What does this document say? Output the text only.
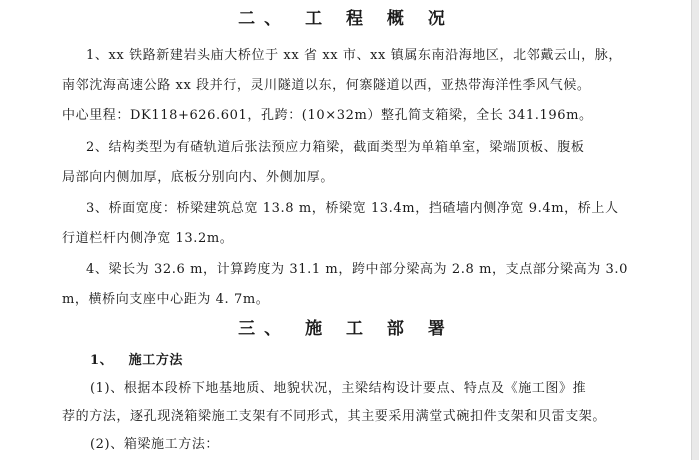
二、 工 程 概 况
1、xx 铁路新建岩头庙大桥位于 xx 省 xx 市、xx 镇属东南沿海地区，北邻戴云山，脉，
南邻沈海高速公路 xx 段并行，灵川隧道以东，何寨隧道以西，亚热带海洋性季风气候。
中心里程：DK118+626.601，孔跨：(10×32m）整孔简支箱梁，全长 341.196m。
2、结构类型为有碴轨道后张法预应力箱梁，截面类型为单箱单室，梁端顶板、腹板
局部向内侧加厚，底板分别向内、外侧加厚。
3、桥面宽度：桥梁建筑总宽 13.8 m，桥梁宽 13.4m，挡碴墙内侧净宽 9.4m，桥上人
行道栏杆内侧净宽 13.2m。
4、梁长为 32.6 m，计算跨度为 31.1 m，跨中部分梁高为 2.8 m，支点部分梁高为 3.0
m，横桥向支座中心距为 4. 7m。
三、 施 工 部 署
1、   施工方法
(1)、根据本段桥下地基地质、地貌状况，主梁结构设计要点、特点及《施工图》推
荐的方法，逐孔现浇箱梁施工支架有不同形式，其主要采用满堂式碗扣件支架和贝雷支架。
(2)、箱梁施工方法：
